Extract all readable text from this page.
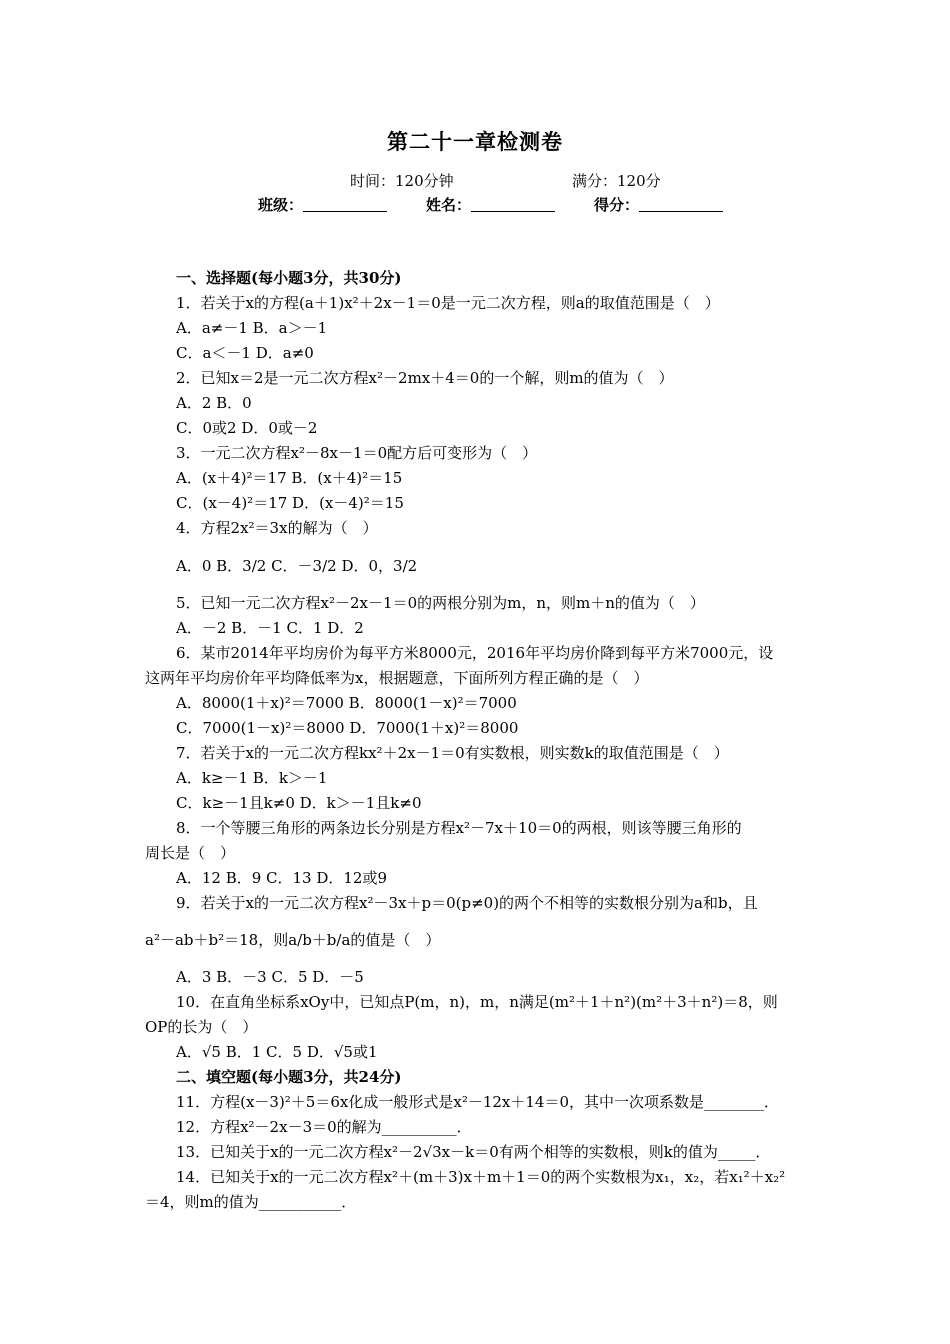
第二十一章检测卷
时间：120分钟	满分：120分
班级：	姓名：	得分：
一、选择题(每小题3分，共30分)
1．若关于x的方程(a＋1)x²＋2x－1＝0是一元二次方程，则a的取值范围是（　）
A．a≠－1 B．a＞－1
C．a＜－1 D．a≠0
2．已知x＝2是一元二次方程x²－2mx＋4＝0的一个解，则m的值为（　）
A．2 B．0
C．0或2 D．0或－2
3．一元二次方程x²－8x－1＝0配方后可变形为（　）
A．(x＋4)²＝17 B．(x＋4)²＝15
C．(x－4)²＝17 D．(x－4)²＝15
4．方程2x²＝3x的解为（　）
A．0 B．3/2 C．－3/2 D．0，3/2
5．已知一元二次方程x²－2x－1＝0的两根分别为m，n，则m＋n的值为（　）
A．－2 B．－1 C．1 D．2
6．某市2014年平均房价为每平方米8000元，2016年平均房价降到每平方米7000元，设
这两年平均房价年平均降低率为x，根据题意，下面所列方程正确的是（　）
A．8000(1＋x)²＝7000 B．8000(1－x)²＝7000
C．7000(1－x)²＝8000 D．7000(1＋x)²＝8000
7．若关于x的一元二次方程kx²＋2x－1＝0有实数根，则实数k的取值范围是（　）
A．k≥－1 B．k＞－1
C．k≥－1且k≠0 D．k＞－1且k≠0
8．一个等腰三角形的两条边长分别是方程x²－7x＋10＝0的两根，则该等腰三角形的
周长是（　）
A．12 B．9 C．13 D．12或9
9．若关于x的一元二次方程x²－3x＋p＝0(p≠0)的两个不相等的实数根分别为a和b，且
a²－ab＋b²＝18，则a/b＋b/a的值是（　）
A．3 B．－3 C．5 D．－5
10．在直角坐标系xOy中，已知点P(m，n)，m，n满足(m²＋1＋n²)(m²＋3＋n²)＝8，则
OP的长为（　）
A．√5 B．1 C．5 D．√5或1
二、填空题(每小题3分，共24分)
11．方程(x－3)²＋5＝6x化成一般形式是x²－12x＋14＝0，其中一次项系数是________．
12．方程x²－2x－3＝0的解为__________．
13．已知关于x的一元二次方程x²－2√3x－k＝0有两个相等的实数根，则k的值为_____．
14．已知关于x的一元二次方程x²＋(m＋3)x＋m＋1＝0的两个实数根为x₁，x₂，若x₁²＋x₂²
＝4，则m的值为___________．
